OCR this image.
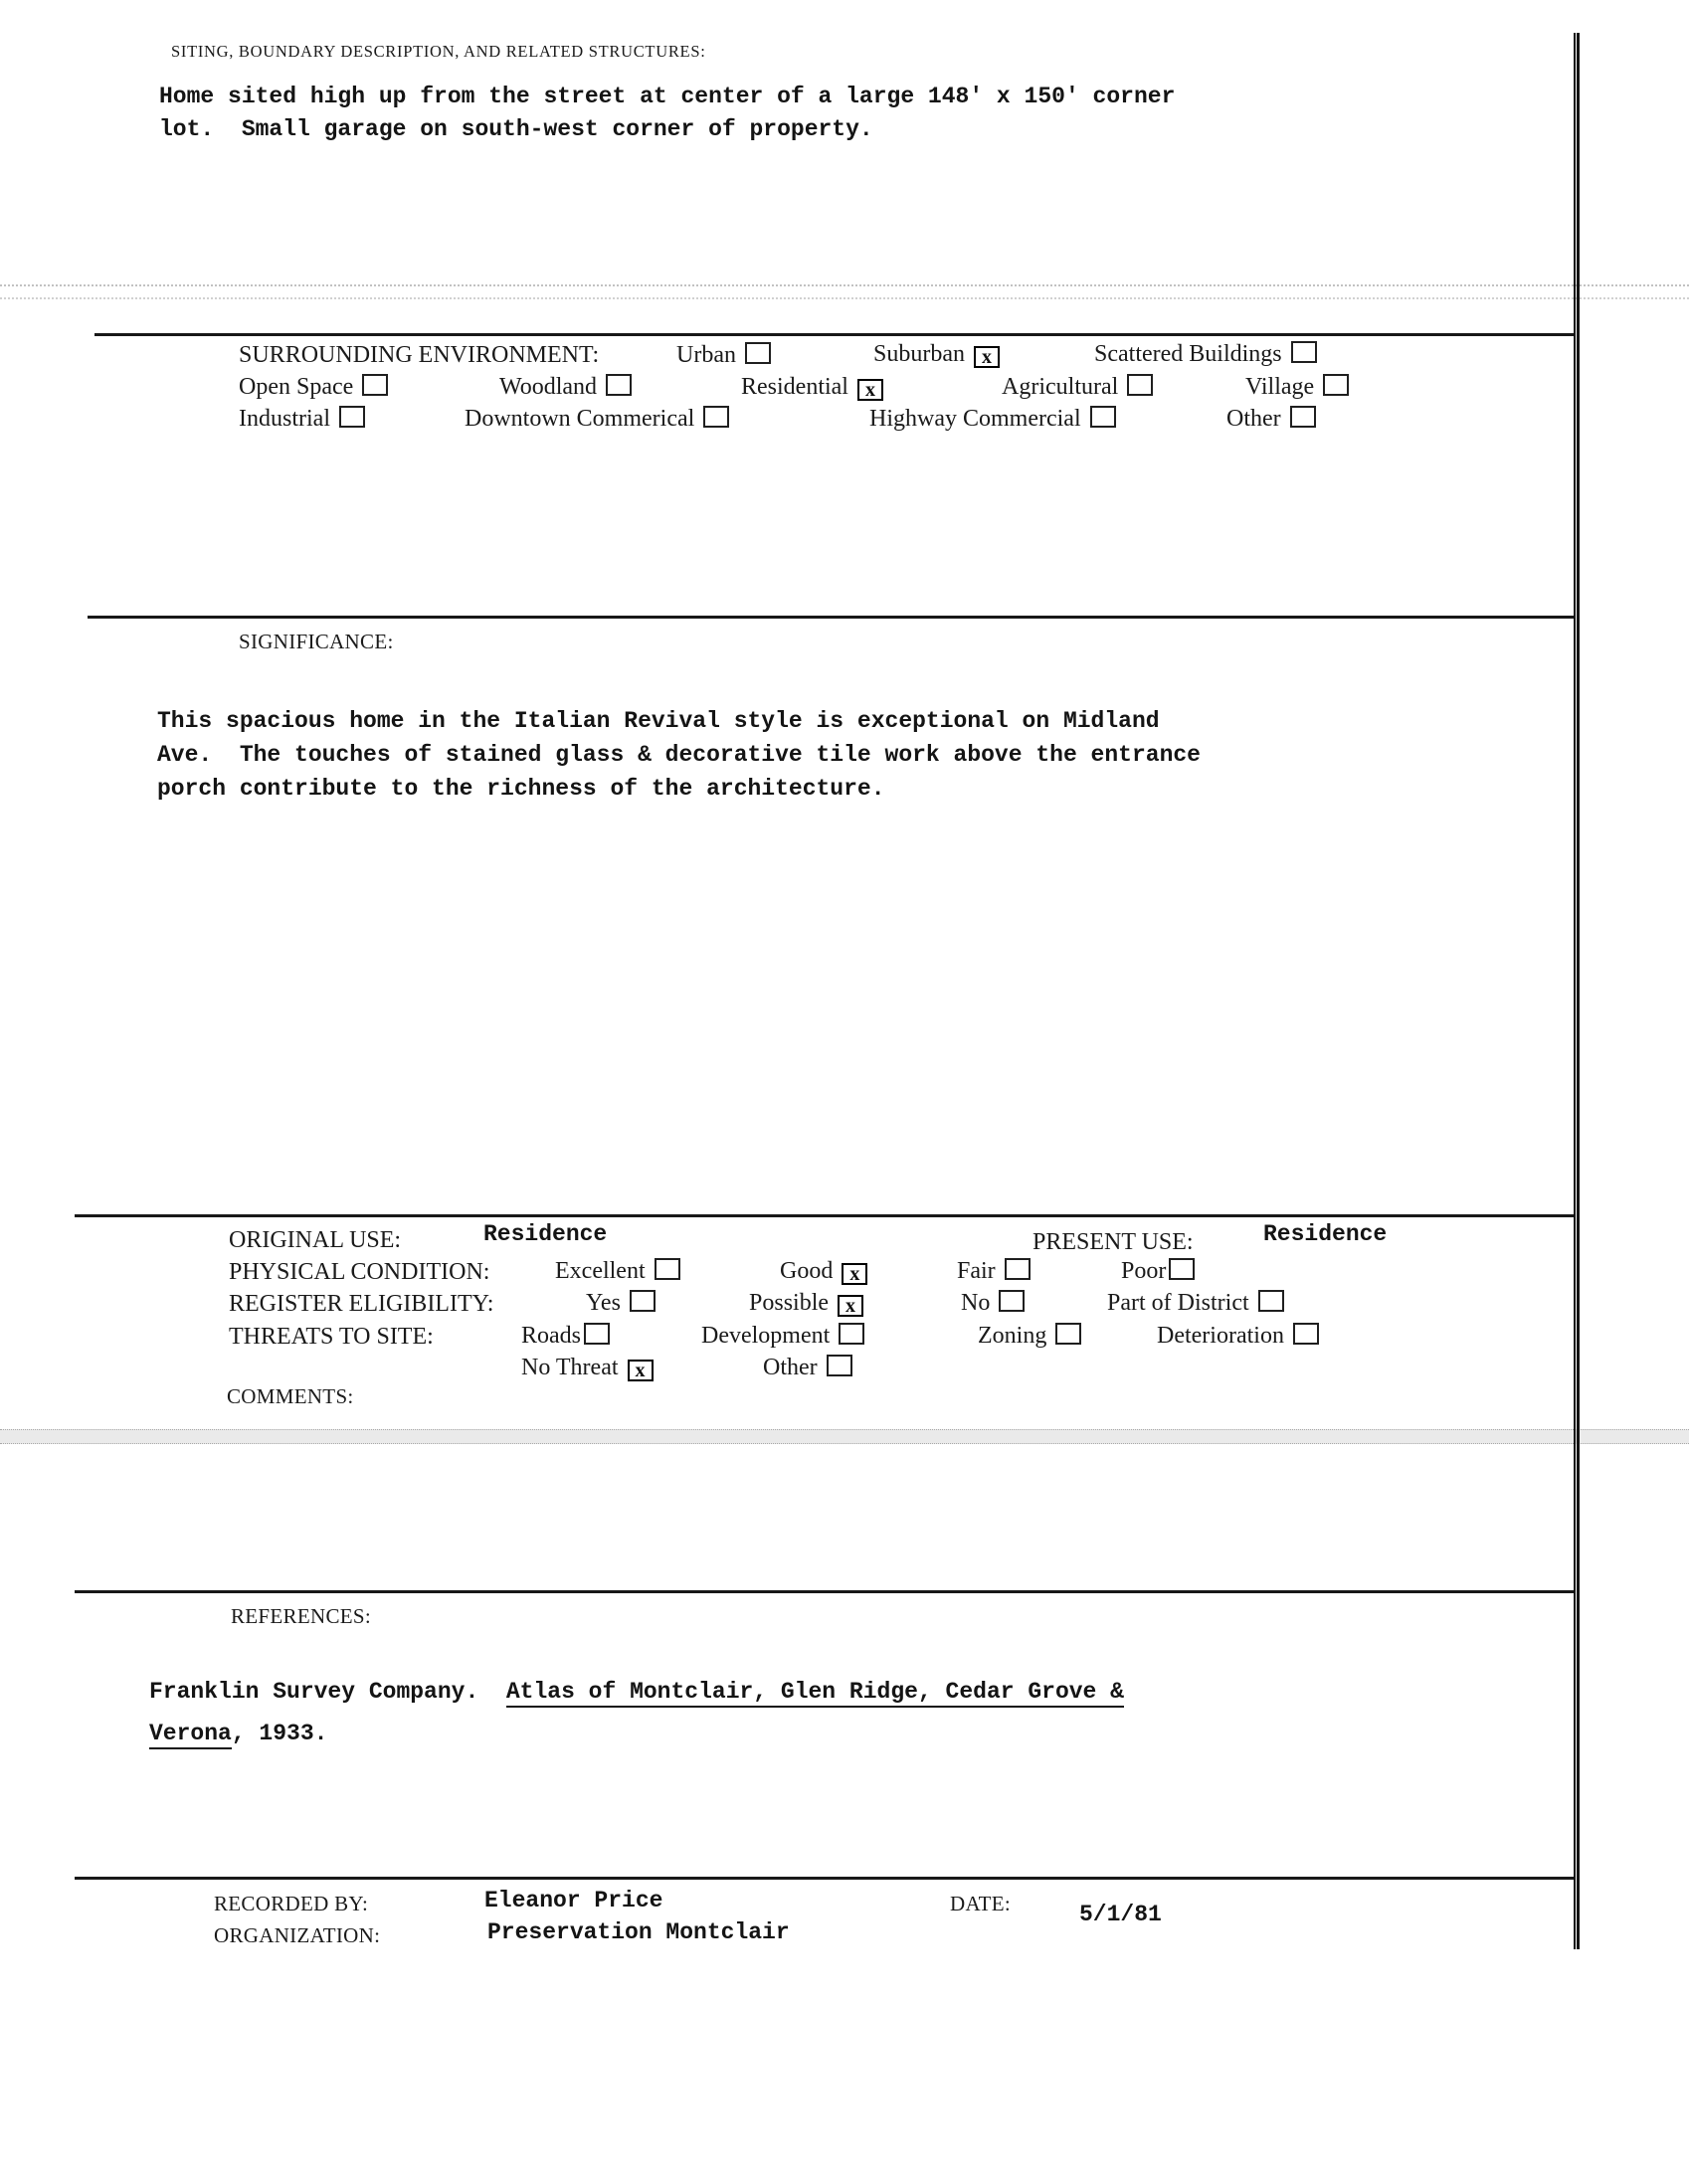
SITING, BOUNDARY DESCRIPTION, AND RELATED STRUCTURES:
Home sited high up from the street at center of a large 148' x 150' corner
lot.  Small garage on south-west corner of property.
SURROUNDING ENVIRONMENT:	Urban	Suburban x	Scattered Buildings
Open Space	Woodland	Residential x	Agricultural	Village
Industrial	Downtown Commerical	Highway Commercial	Other
SIGNIFICANCE:
This spacious home in the Italian Revival style is exceptional on Midland
Ave.  The touches of stained glass & decorative tile work above the entrance
porch contribute to the richness of the architecture.
ORIGINAL USE:	Residence	PRESENT USE:	Residence
PHYSICAL CONDITION:	Excellent	Good x	Fair	Poor
REGISTER ELIGIBILITY:	Yes	Possible x	No	Part of District
THREATS TO SITE:	Roads	Development	Zoning	Deterioration
No Threat x	Other
COMMENTS:
REFERENCES:
Franklin Survey Company.  Atlas of Montclair, Glen Ridge, Cedar Grove &
Verona, 1933.
RECORDED BY:	Eleanor Price	DATE:	5/1/81
ORGANIZATION:	Preservation Montclair
